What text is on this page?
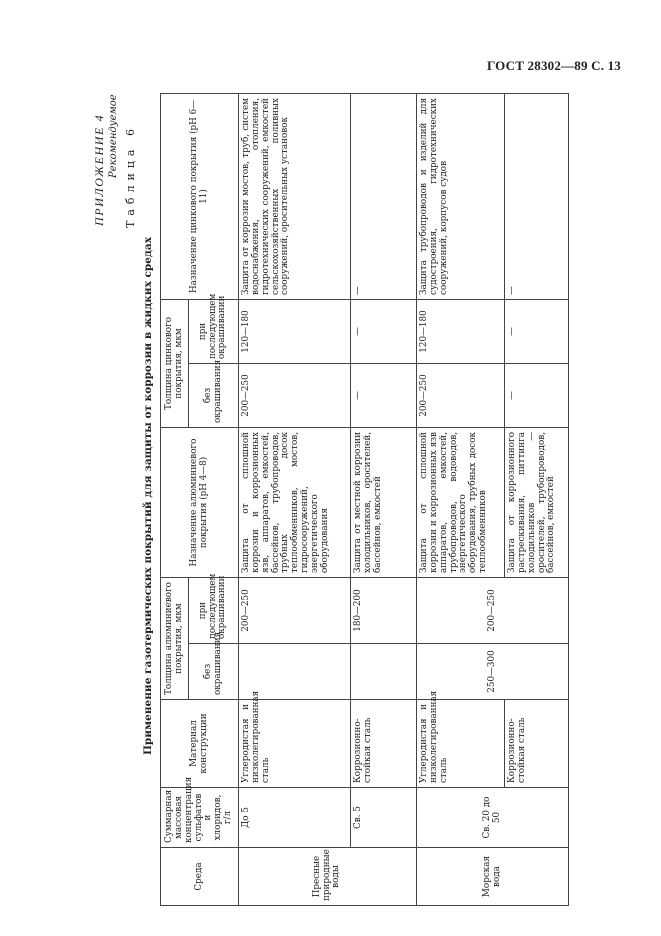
ГОСТ 28302—89 С. 13
ПРИЛОЖЕНИЕ 4 Рекомендуемое Таблица 6
Применение газотермических покрытий для защиты от коррозии в жидких средах
Среда	Суммарная массовая концентрация сульфатов и хлоридов, г/л	Материал конструкции	Толщина алюминиевого покрытия, мкм		Назначение алюминиевого покрытия (рН 4—8)	Толщина цинкового покрытия, мкм		Назначение цинкового покрытия (рН 6—11)
			без окрашивания	при последующем окрашивании		без окрашивания	при последующем окрашивании	
Пресные природные воды	До 5	Углеродистая и низколегированная сталь		200—250	Защита от сплошной коррозии и коррозионных язв, аппаратов, емкостей, бассейнов, трубопроводов, трубных досок теплообменников, мостов, гидросооружений, энергетического оборудования	200—250	120—180	Защита от коррозии мостов, труб, систем водоснабжения, отопления, гидротехнических сооружений, емкостей сельскохозяйственных поливных сооружений, оросительных установок
	Св. 5	Коррозионно-стойкая сталь		180—200	Защита от местной коррозии холодильников, оросителей, бассейнов, емкостей	—	—	—
Морская вода	Св. 20 до 50	Углеродистая и низколегированная сталь	250—300	200—250	Защита от сплошной коррозии и коррозионных язв аппаратов, емкостей, трубопроводов, водоводов, энергетического оборудования, трубных досок теплообменников	200—250	120—180	Защита трубопроводов и изделий для судостроения, гидротехнических сооружений, корпусов судов
		Коррозионно-стойкая сталь			Защита от коррозионного растрескивания, питтинга холодильников — оросителей, трубопроводов, бассейнов, емкостей	—	—	—
